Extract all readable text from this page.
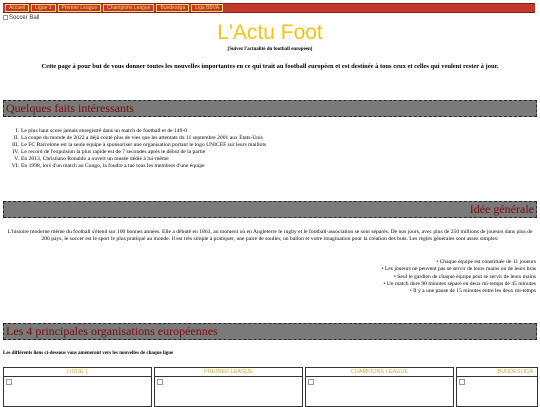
Accueil	Ligue 1	Premier League	Champions League	Bundesliga	Liga BBVA
Soccer Ball
L'Actu Foot
[Suivez l'actualité du football européen]
Cette page à pour but de vous donner toutes les nouvelles importantes en ce qui trait au football européen et est destinée à tous ceux et celles qui veulent rester à jour.
Quelques faits intéressants
I. Le plus haut score jamais enregistré dans un match de football et de 149-0
II. La coupe du monde de 2022 a déjà couté plus de vies que les attentats du 11 septembre 2001 aux États-Unis
III. Le FC Barcelone est la seule équipe à sponsoriser une organisation portant le logo UNICEF sur leurs maillots
IV. Le record de l'expulsion la plus rapide est de 7 secondes après le début de la partie
V. En 2013, Christiano Ronaldo a ouvert un musée dédié à lui-même
VI. En 1998, lors d'un match au Congo, la foudre a tué tous les membres d'une équipe
Idée générale

L'histoire moderne même du football s'étend sur 100 bonnes années. Elle a débuté en 1863, au moment où en Angleterre le rugby et le football-association se sont séparés. De nos jours, avec plus de 250 millions de joueurs dans plus de 200 pays, le soccer est le sport le plus pratiqué au monde. Il est très simple à pratiquer, une paire de soulier, un ballon et votre imagination pour la création des buts. Les règles générales sont assez simples:

• Chaque équipe est constituée de 11 joueurs
• Les joueurs ne peuvent pas se servir de leurs mains ou de leurs bras
• Seul le gardien de chaque équipe peut se servir de leurs mains
• Un match dure 90 minutes séparé en deux mi-temps de 45 minutes
• Il y a une pause de 15 minutes entre les deux mi-temps
Les 4 principales organisations européennes
Les différents liens ci-dessous vous amèneront vers les nouvelles de chaque ligue
LIGUE 1	PREMIER LEAGUE	CHAMPIONS LEAGUE	BUNDESLIGA
